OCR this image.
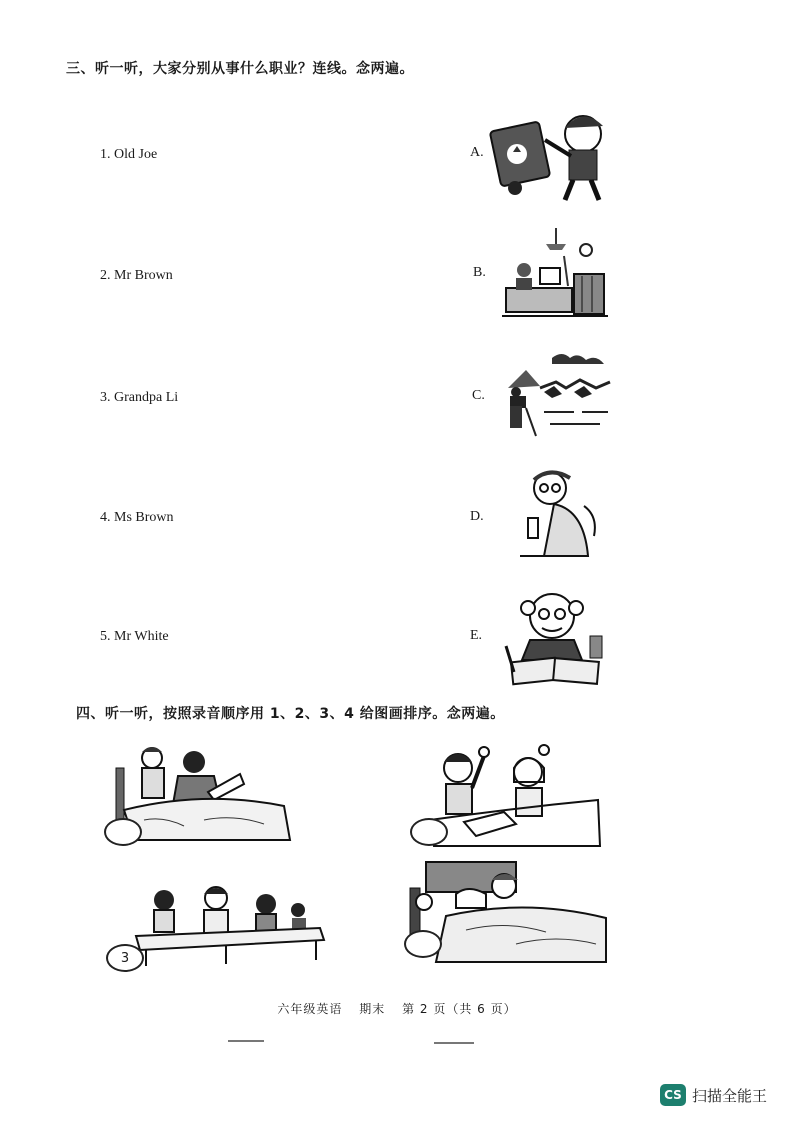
三、听一听，大家分别从事什么职业？连线。念两遍。
1. Old Joe
2. Mr Brown
3. Grandpa Li
4. Ms Brown
5. Mr White
A.
B.
C.
D.
E.
四、听一听，按照录音顺序用 1、2、3、4 给图画排序。念两遍。
3
六年级英语 期末 第 2 页（共 6 页）
CS 扫描全能王
